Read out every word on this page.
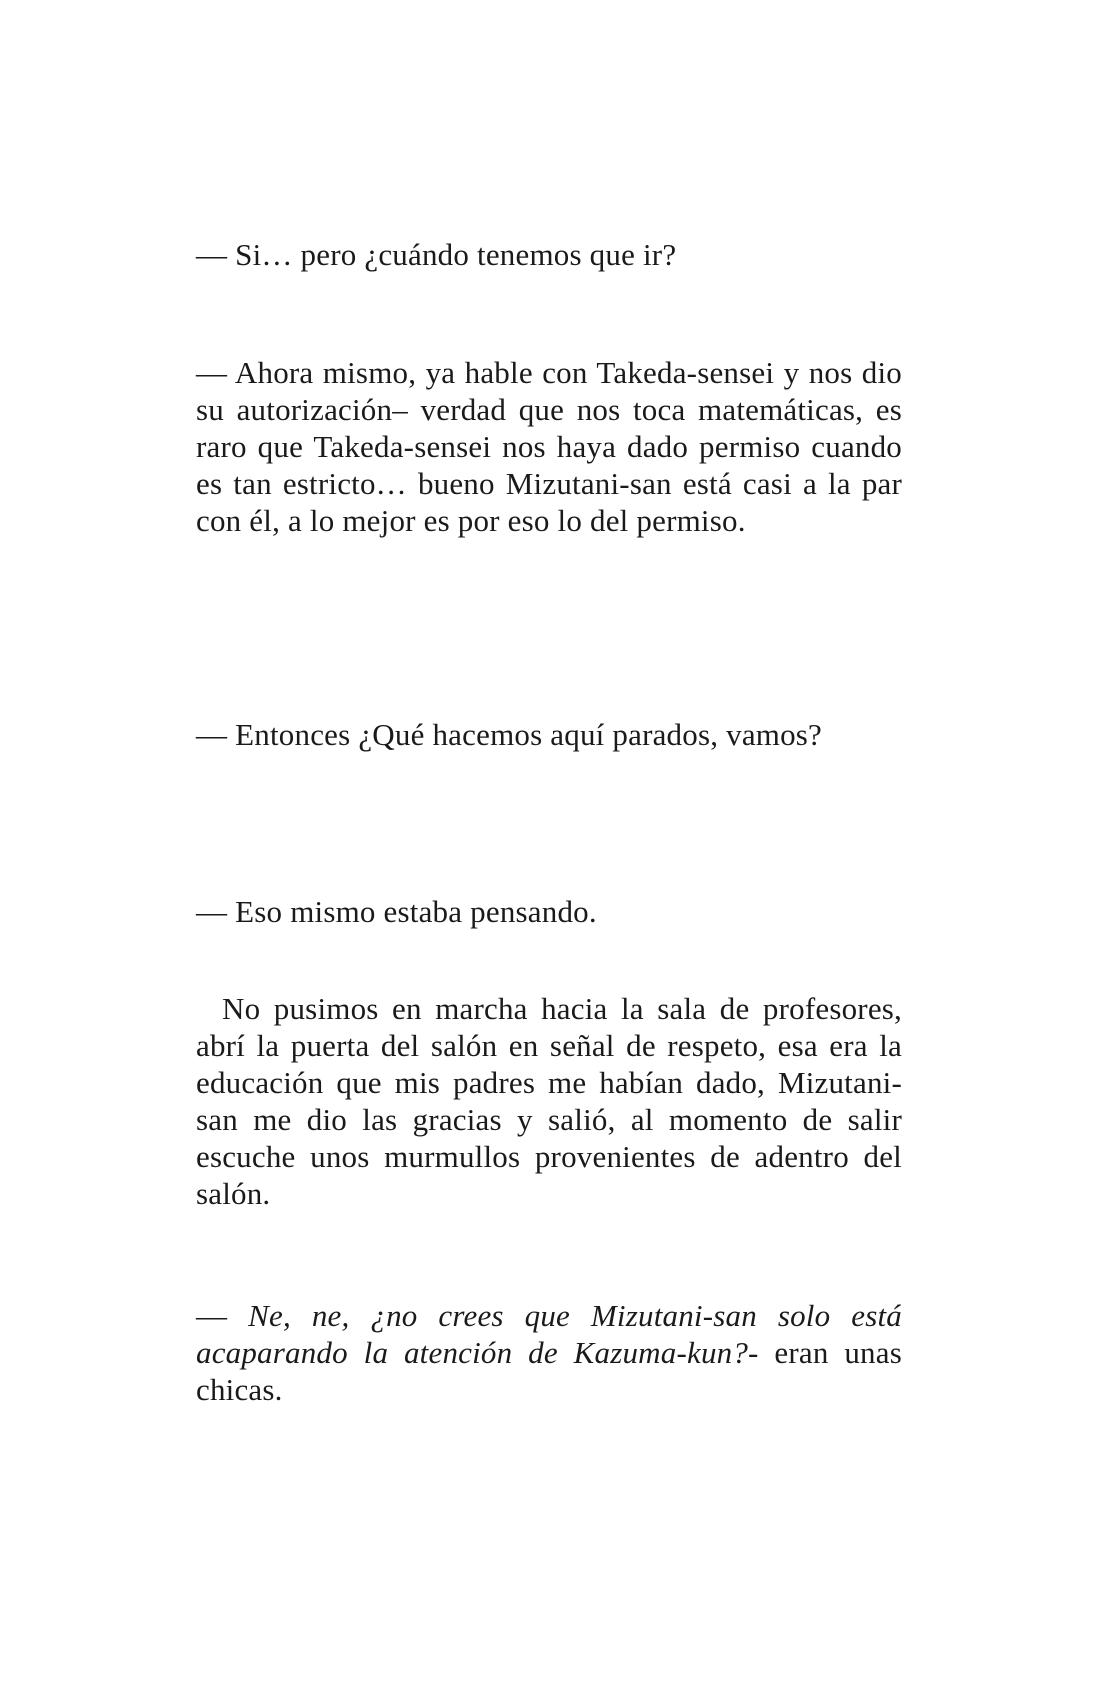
— Si… pero ¿cuándo tenemos que ir?

— Ahora mismo, ya hable con Takeda-sensei y nos dio su autorización– verdad que nos toca matemáticas, es raro que Takeda-sensei nos haya dado permiso cuando es tan estricto… bueno Mizutani-san está casi a la par con él, a lo mejor es por eso lo del permiso.

— Entonces ¿Qué hacemos aquí parados, vamos?

— Eso mismo estaba pensando.

No pusimos en marcha hacia la sala de profesores, abrí la puerta del salón en señal de respeto, esa era la educación que mis padres me habían dado, Mizutani-san me dio las gracias y salió, al momento de salir escuche unos murmullos provenientes de adentro del salón.

— Ne, ne, ¿no crees que Mizutani-san solo está acaparando la atención de Kazuma-kun?- eran unas chicas.
